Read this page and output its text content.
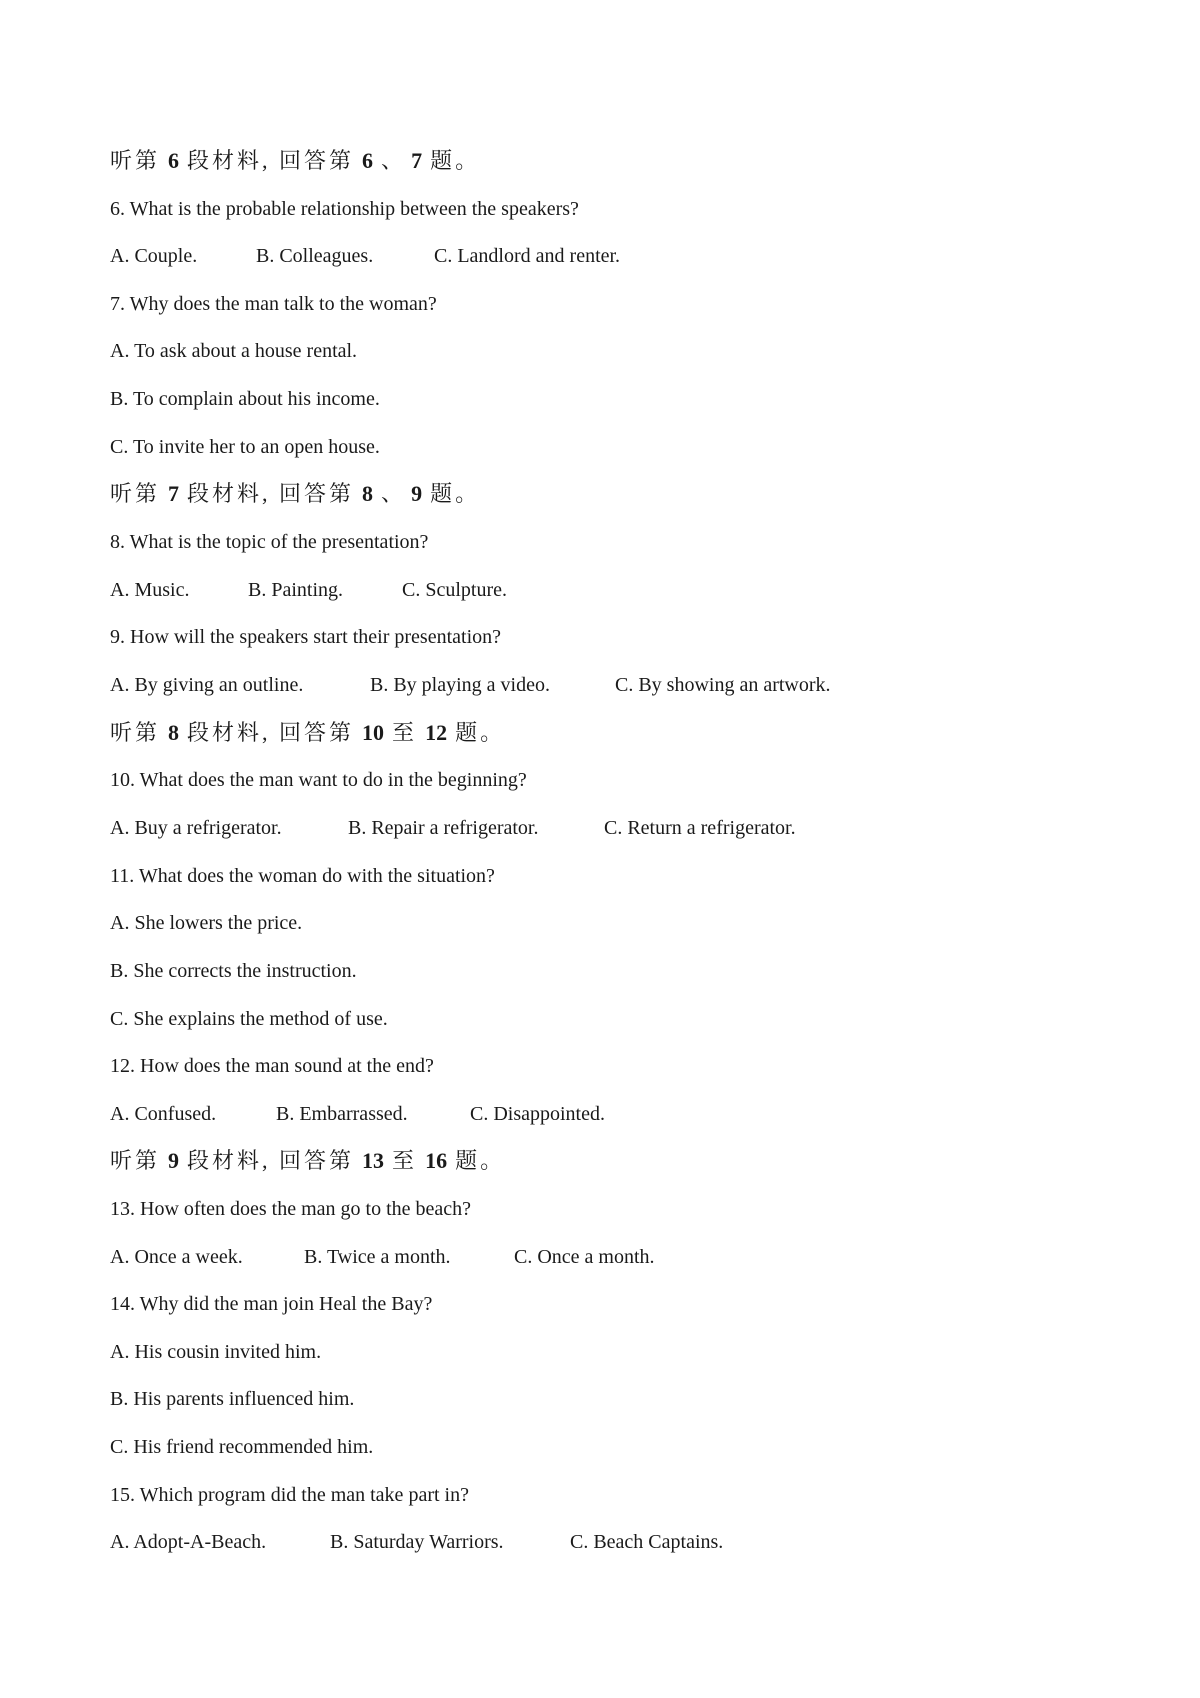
听第 6 段材料, 回答第 6 、 7 题。
6. What is the probable relationship between the speakers?
A. Couple.	B. Colleagues.	C. Landlord and renter.
7. Why does the man talk to the woman?
A. To ask about a house rental.
B. To complain about his income.
C. To invite her to an open house.
听第 7 段材料, 回答第 8 、 9 题。
8. What is the topic of the presentation?
A. Music.	B. Painting.	C. Sculpture.
9. How will the speakers start their presentation?
A. By giving an outline.	B. By playing a video.	C. By showing an artwork.
听第 8 段材料, 回答第 10 至 12 题。
10. What does the man want to do in the beginning?
A. Buy a refrigerator.	B. Repair a refrigerator.	C. Return a refrigerator.
11. What does the woman do with the situation?
A. She lowers the price.
B. She corrects the instruction.
C. She explains the method of use.
12. How does the man sound at the end?
A. Confused.	B. Embarrassed.	C. Disappointed.
听第 9 段材料, 回答第 13 至 16 题。
13. How often does the man go to the beach?
A. Once a week.	B. Twice a month.	C. Once a month.
14. Why did the man join Heal the Bay?
A. His cousin invited him.
B. His parents influenced him.
C. His friend recommended him.
15. Which program did the man take part in?
A. Adopt-A-Beach.	B. Saturday Warriors.	C. Beach Captains.
